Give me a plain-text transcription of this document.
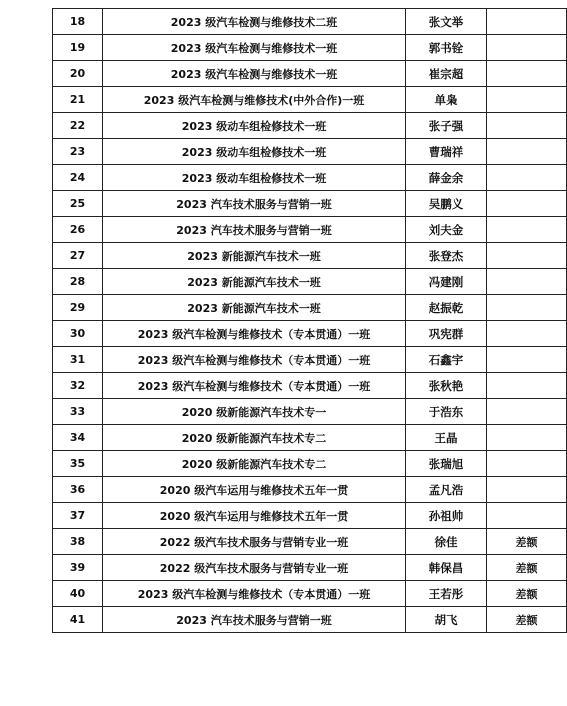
18	2023 级汽车检测与维修技术二班	张文举	
19	2023 级汽车检测与维修技术一班	郭书铨	
20	2023 级汽车检测与维修技术一班	崔宗超	
21	2023 级汽车检测与维修技术(中外合作)一班	单枭	
22	2023 级动车组检修技术一班	张子强	
23	2023 级动车组检修技术一班	曹瑞祥	
24	2023 级动车组检修技术一班	薛金余	
25	2023 汽车技术服务与营销一班	吴鹏义	
26	2023 汽车技术服务与营销一班	刘夫金	
27	2023 新能源汽车技术一班	张登杰	
28	2023 新能源汽车技术一班	冯建刚	
29	2023 新能源汽车技术一班	赵振乾	
30	2023 级汽车检测与维修技术（专本贯通）一班	巩宪群	
31	2023 级汽车检测与维修技术（专本贯通）一班	石鑫宇	
32	2023 级汽车检测与维修技术（专本贯通）一班	张秋艳	
33	2020 级新能源汽车技术专一	于浩东	
34	2020 级新能源汽车技术专二	王晶	
35	2020 级新能源汽车技术专二	张瑞旭	
36	2020 级汽车运用与维修技术五年一贯	孟凡浩	
37	2020 级汽车运用与维修技术五年一贯	孙祖帅	
38	2022 级汽车技术服务与营销专业一班	徐佳	差额
39	2022 级汽车技术服务与营销专业一班	韩保昌	差额
40	2023 级汽车检测与维修技术（专本贯通）一班	王若彤	差额
41	2023 汽车技术服务与营销一班	胡飞	差额
